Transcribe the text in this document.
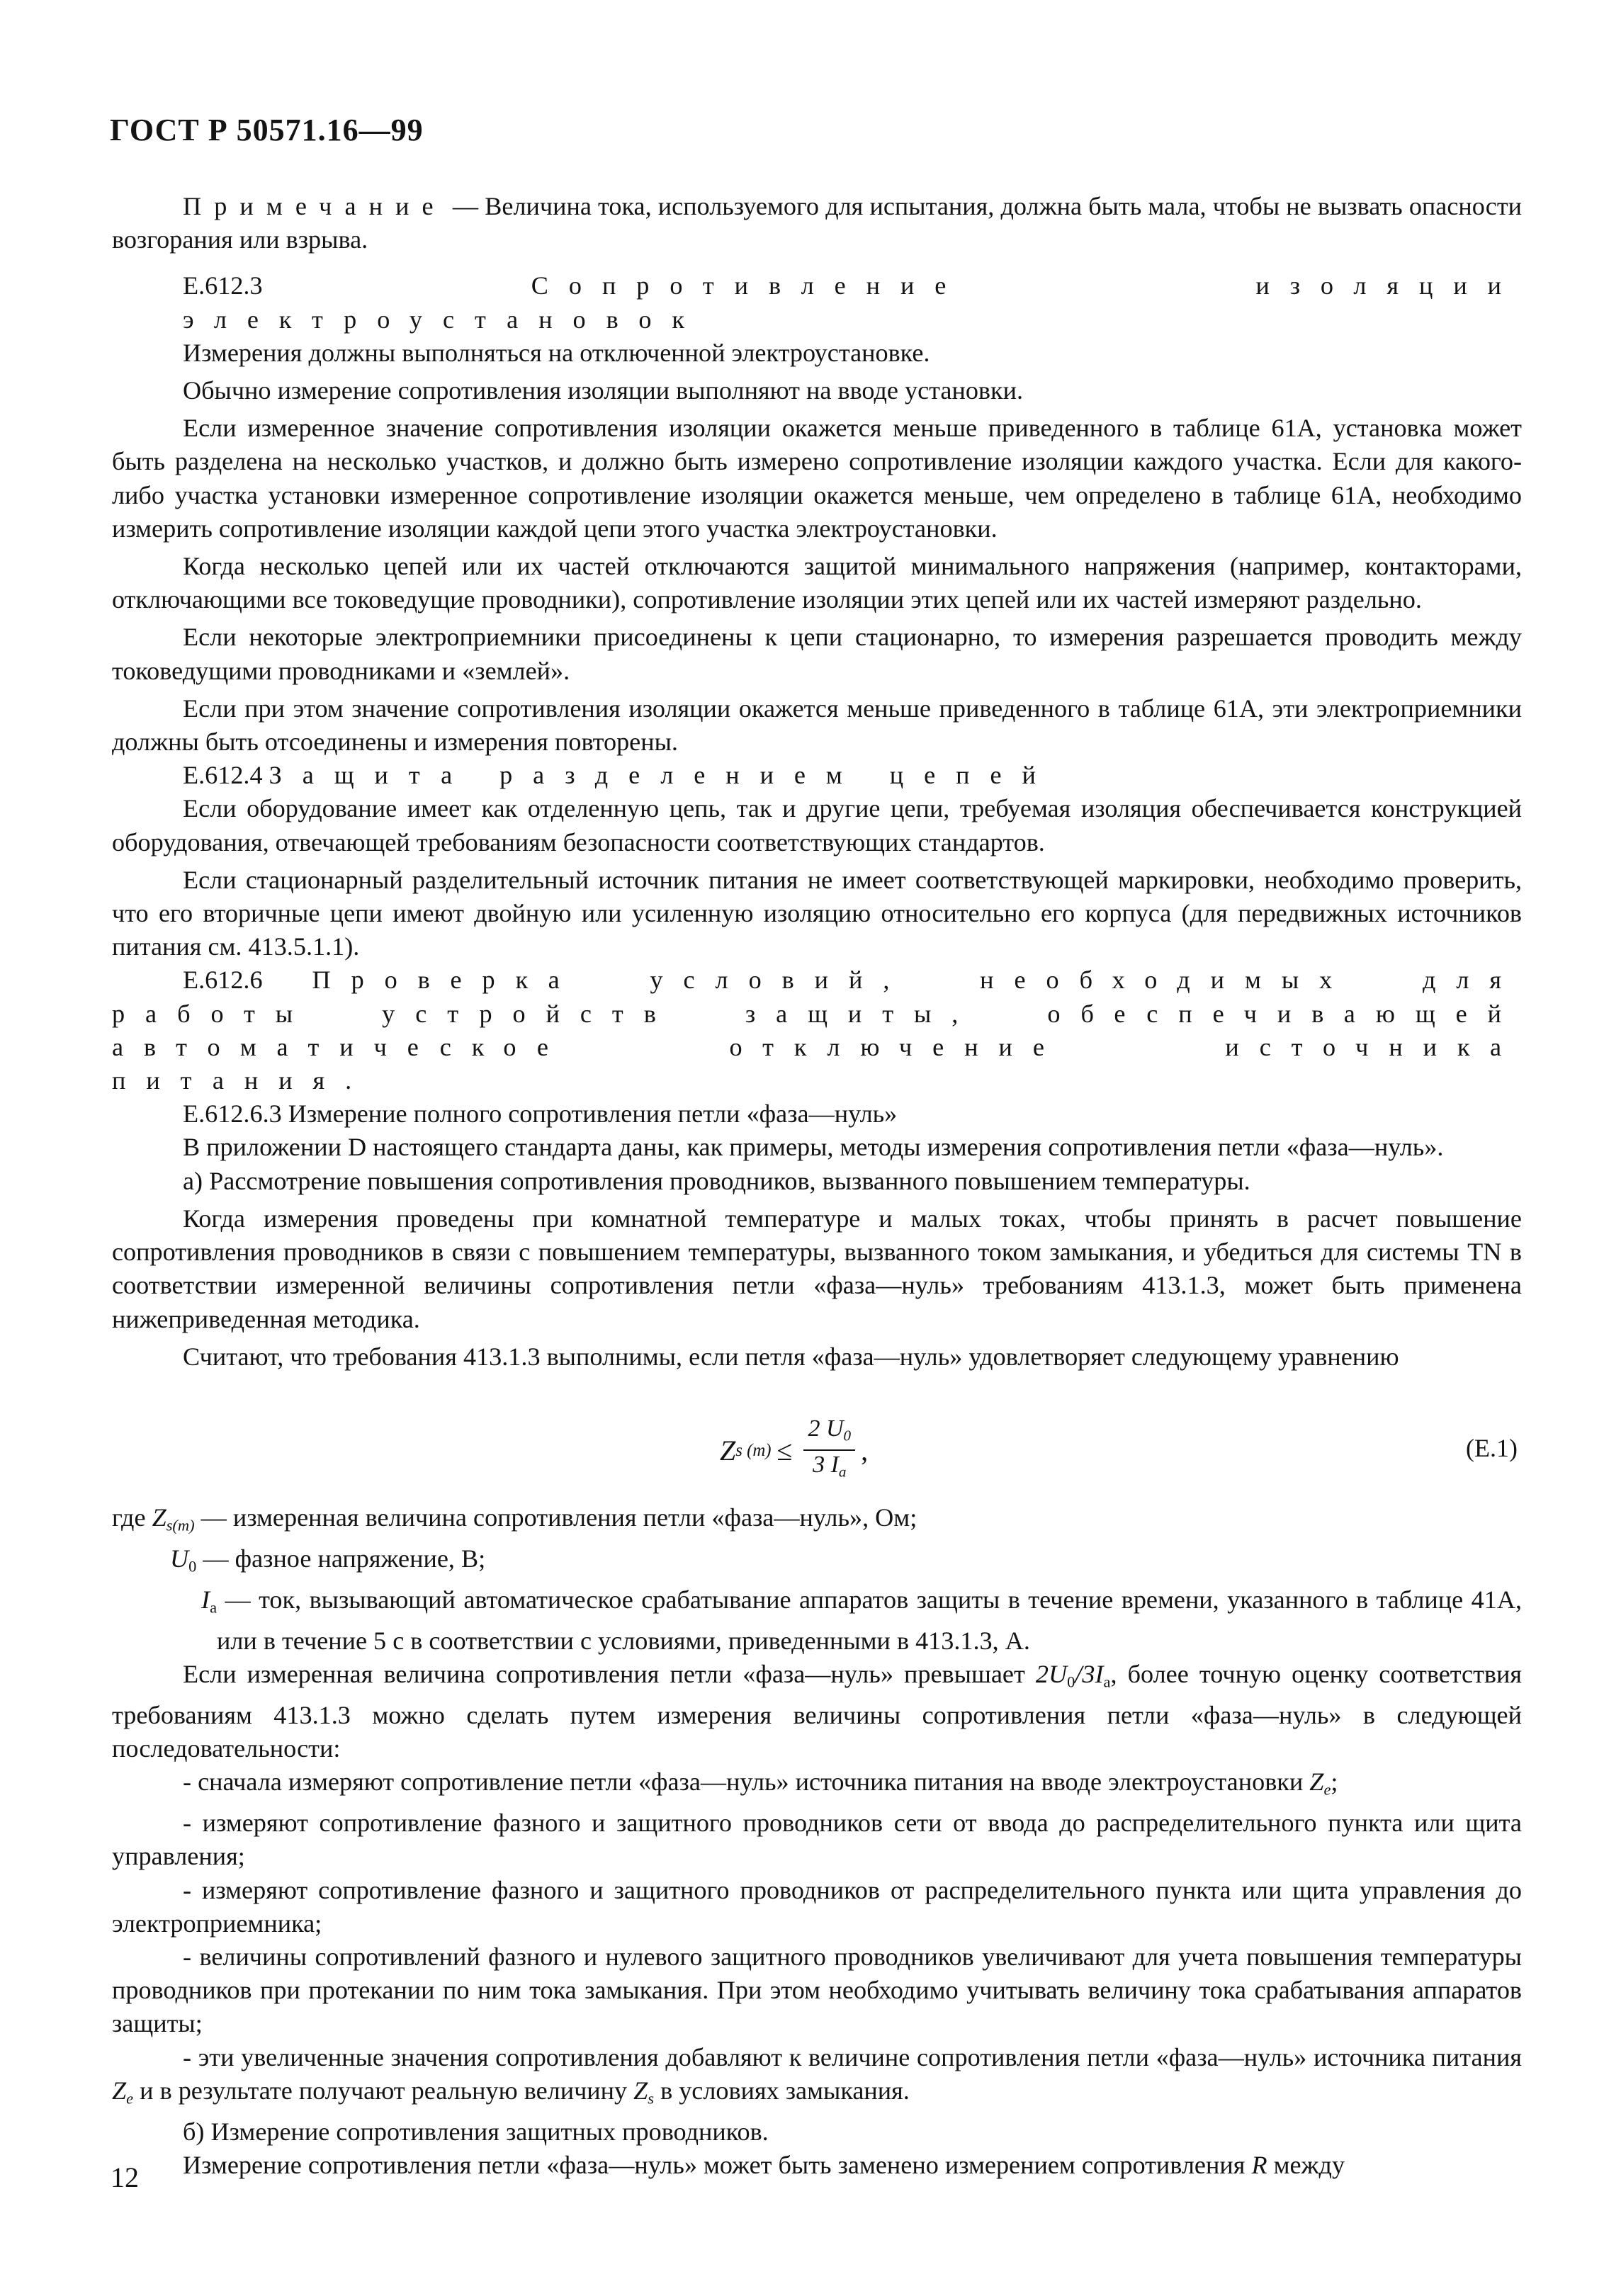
ГОСТ Р 50571.16—99

Примечание — Величина тока, используемого для испытания, должна быть мала, чтобы не вызвать опасности возгорания или взрыва.

Е.612.3	Сопротивление изоляции электроустановок

Измерения должны выполняться на отключенной электроустановке.

Обычно измерение сопротивления изоляции выполняют на вводе установки.

Если измеренное значение сопротивления изоляции окажется меньше приведенного в таблице 61А, установка может быть разделена на несколько участков, и должно быть измерено сопротивление изоляции каждого участка. Если для какого-либо участка установки измеренное сопротивление изоляции окажется меньше, чем определено в таблице 61А, необходимо измерить сопротивление изоляции каждой цепи этого участка электроустановки.

Когда несколько цепей или их частей отключаются защитой минимального напряжения (например, контакторами, отключающими все токоведущие проводники), сопротивление изоляции этих цепей или их частей измеряют раздельно.

Если некоторые электроприемники присоединены к цепи стационарно, то измерения разрешается проводить между токоведущими проводниками и «землей».

Если при этом значение сопротивления изоляции окажется меньше приведенного в таблице 61А, эти электроприемники должны быть отсоединены и измерения повторены.

Е.612.4 Защита разделением цепей

Если оборудование имеет как отделенную цепь, так и другие цепи, требуемая изоляция обеспечивается конструкцией оборудования, отвечающей требованиям безопасности соответствующих стандартов.

Если стационарный разделительный источник питания не имеет соответствующей маркировки, необходимо проверить, что его вторичные цепи имеют двойную или усиленную изоляцию относительно его корпуса (для передвижных источников питания см. 413.5.1.1).

Е.612.6 Проверка условий, необходимых для работы устройств защиты, обеспечивающей автоматическое отключение источника питания.

Е.612.6.3 Измерение полного сопротивления петли «фаза—нуль»

В приложении D настоящего стандарта даны, как примеры, методы измерения сопротивления петли «фаза—нуль».

а) Рассмотрение повышения сопротивления проводников, вызванного повышением температуры.

Когда измерения проведены при комнатной температуре и малых токах, чтобы принять в расчет повышение сопротивления проводников в связи с повышением температуры, вызванного током замыкания, и убедиться для системы TN в соответствии измеренной величины сопротивления петли «фаза—нуль» требованиям 413.1.3, может быть применена нижеприведенная методика.

Считают, что требования 413.1.3 выполнимы, если петля «фаза—нуль» удовлетворяет следующему уравнению

Z s $(m) \le \frac{2 U_0}{3 I_a}$ ,	(E.1)

где $Z_{s(m)}$ — измеренная величина сопротивления петли «фаза—нуль», Ом;

$U_0$ — фазное напряжение, В;

$I_a$ — ток, вызывающий автоматическое срабатывание аппаратов защиты в течение времени, указанного в таблице 41А, или в течение 5 с в соответствии с условиями, приведенными в 413.1.3, А.

Если измеренная величина сопротивления петли «фаза—нуль» превышает $2U_0/3I_a$, более точную оценку соответствия требованиям 413.1.3 можно сделать путем измерения величины сопротивления петли «фаза—нуль» в следующей последовательности:

- сначала измеряют сопротивление петли «фаза—нуль» источника питания на вводе электроустановки $Z_e$;

- измеряют сопротивление фазного и защитного проводников сети от ввода до распределительного пункта или щита управления;

- измеряют сопротивление фазного и защитного проводников от распределительного пункта или щита управления до электроприемника;

- величины сопротивлений фазного и нулевого защитного проводников увеличивают для учета повышения температуры проводников при протекании по ним тока замыкания. При этом необходимо учитывать величину тока срабатывания аппаратов защиты;

- эти увеличенные значения сопротивления добавляют к величине сопротивления петли «фаза—нуль» источника питания $Z_e$ и в результате получают реальную величину $Z_s$ в условиях замыкания.

б) Измерение сопротивления защитных проводников.

Измерение сопротивления петли «фаза—нуль» может быть заменено измерением сопротивления R между

12
